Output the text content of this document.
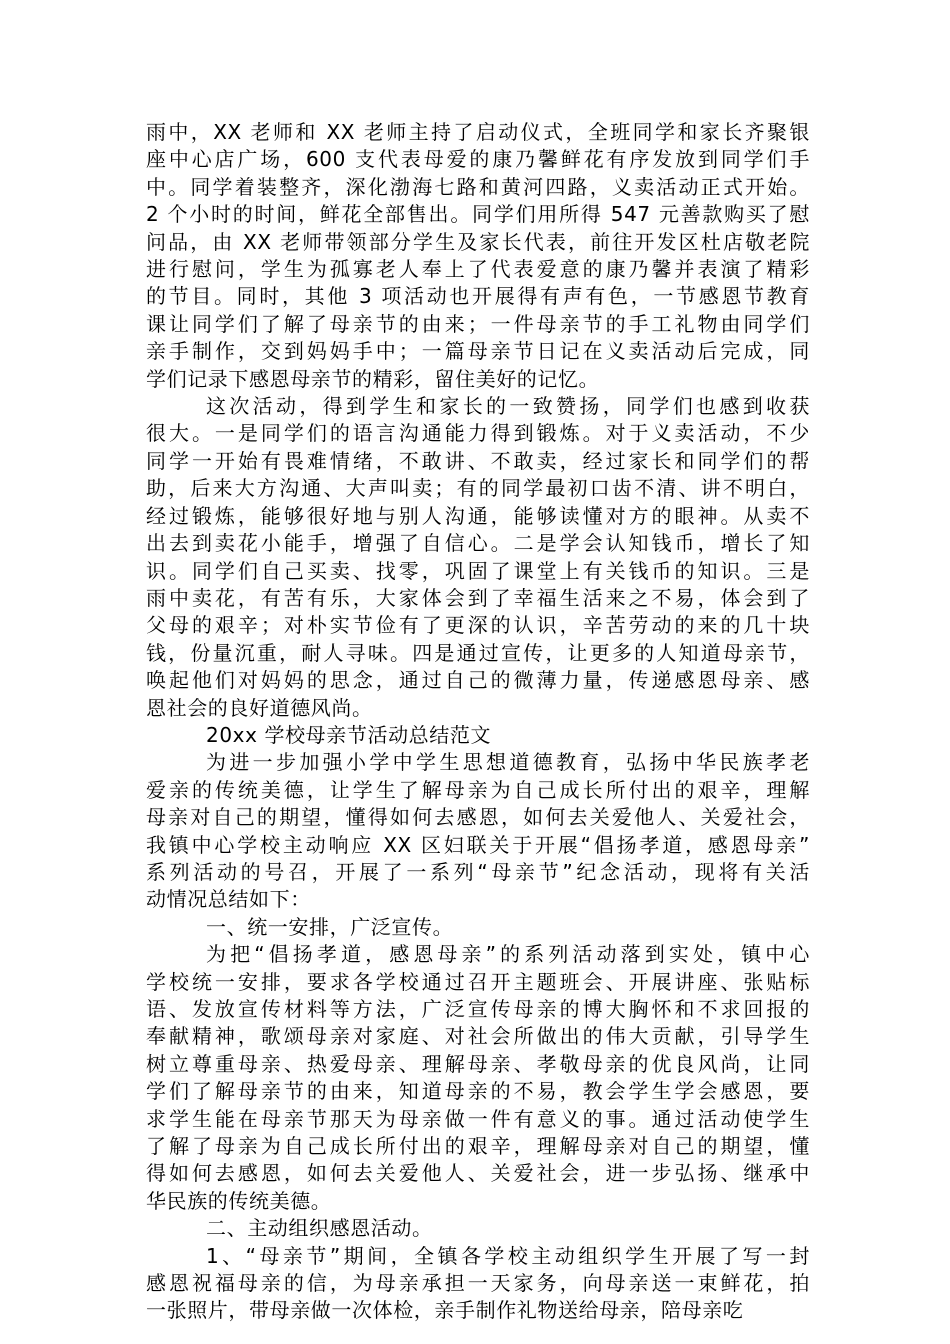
雨中，XX 老师和 XX 老师主持了启动仪式，全班同学和家长齐聚银
座中心店广场，600 支代表母爱的康乃馨鲜花有序发放到同学们手
中。同学着装整齐，深化渤海七路和黄河四路，义卖活动正式开始。
2 个小时的时间，鲜花全部售出。同学们用所得 547 元善款购买了慰
问品，由 XX 老师带领部分学生及家长代表，前往开发区杜店敬老院
进行慰问，学生为孤寡老人奉上了代表爱意的康乃馨并表演了精彩
的节目。同时，其他 3 项活动也开展得有声有色，一节感恩节教育
课让同学们了解了母亲节的由来；一件母亲节的手工礼物由同学们
亲手制作，交到妈妈手中；一篇母亲节日记在义卖活动后完成，同
学们记录下感恩母亲节的精彩，留住美好的记忆。

这次活动，得到学生和家长的一致赞扬，同学们也感到收获
很大。一是同学们的语言沟通能力得到锻炼。对于义卖活动，不少
同学一开始有畏难情绪，不敢讲、不敢卖，经过家长和同学们的帮
助，后来大方沟通、大声叫卖；有的同学最初口齿不清、讲不明白，
经过锻炼，能够很好地与别人沟通，能够读懂对方的眼神。从卖不
出去到卖花小能手，增强了自信心。二是学会认知钱币，增长了知
识。同学们自己买卖、找零，巩固了课堂上有关钱币的知识。三是
雨中卖花，有苦有乐，大家体会到了幸福生活来之不易，体会到了
父母的艰辛；对朴实节俭有了更深的认识，辛苦劳动的来的几十块
钱，份量沉重，耐人寻味。四是通过宣传，让更多的人知道母亲节，
唤起他们对妈妈的思念，通过自己的微薄力量，传递感恩母亲、感
恩社会的良好道德风尚。

20xx 学校母亲节活动总结范文

为进一步加强小学中学生思想道德教育，弘扬中华民族孝老
爱亲的传统美德，让学生了解母亲为自己成长所付出的艰辛，理解
母亲对自己的期望，懂得如何去感恩，如何去关爱他人、关爱社会，
我镇中心学校主动响应 XX 区妇联关于开展“倡扬孝道，感恩母亲”
系列活动的号召，开展了一系列“母亲节”纪念活动，现将有关活
动情况总结如下：

一、统一安排，广泛宣传。

为把“倡扬孝道，感恩母亲”的系列活动落到实处，镇中心
学校统一安排，要求各学校通过召开主题班会、开展讲座、张贴标
语、发放宣传材料等方法，广泛宣传母亲的博大胸怀和不求回报的
奉献精神，歌颂母亲对家庭、对社会所做出的伟大贡献，引导学生
树立尊重母亲、热爱母亲、理解母亲、孝敬母亲的优良风尚，让同
学们了解母亲节的由来，知道母亲的不易，教会学生学会感恩，要
求学生能在母亲节那天为母亲做一件有意义的事。通过活动使学生
了解了母亲为自己成长所付出的艰辛，理解母亲对自己的期望，懂
得如何去感恩，如何去关爱他人、关爱社会，进一步弘扬、继承中
华民族的传统美德。

二、主动组织感恩活动。

1、“母亲节”期间，全镇各学校主动组织学生开展了写一封
感恩祝福母亲的信，为母亲承担一天家务，向母亲送一束鲜花，拍
一张照片，带母亲做一次体检，亲手制作礼物送给母亲，陪母亲吃
